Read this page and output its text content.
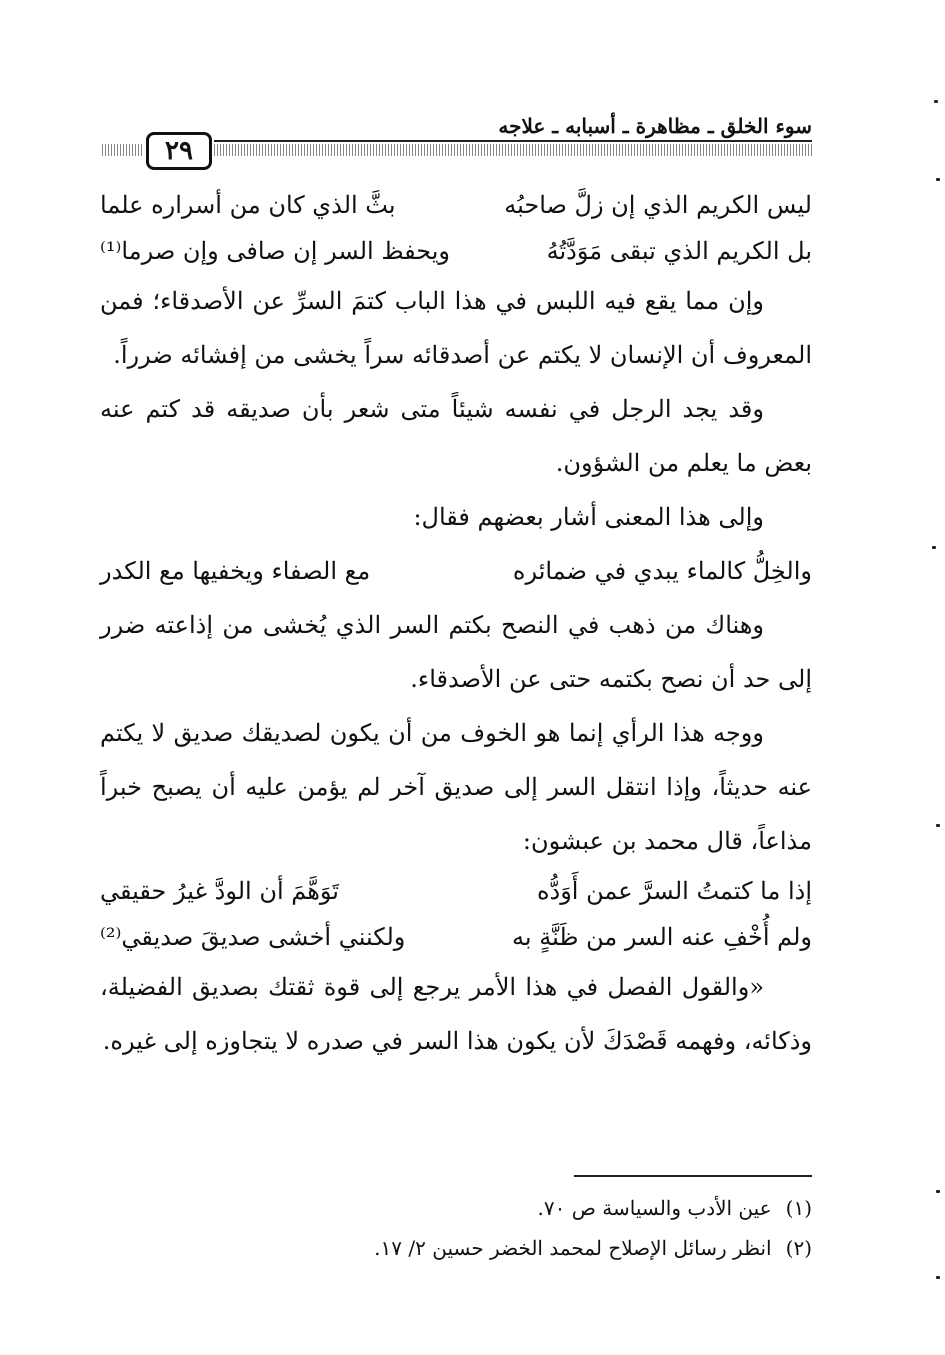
سوء الخلق ـ مظاهرة ـ أسبابه ـ علاجه
٢٩
ليس الكريم الذي إن زلَّ صاحبُه
بثَّ الذي كان من أسراره علما
بل الكريم الذي تبقى مَوَدَّتُهُ
ويحفظ السر إن صافى وإن صرما⁽¹⁾

وإن مما يقع فيه اللبس في هذا الباب كتمَ السرِّ عن الأصدقاء؛ فمن المعروف أن الإنسان لا يكتم عن أصدقائه سراً يخشى من إفشائه ضرراً.

وقد يجد الرجل في نفسه شيئاً متى شعر بأن صديقه قد كتم عنه بعض ما يعلم من الشؤون.

وإلى هذا المعنى أشار بعضهم فقال:

والخِلُّ كالماء يبدي في ضمائره
مع الصفاء ويخفيها مع الكدر

وهناك من ذهب في النصح بكتم السر الذي يُخشى من إذاعته ضرر إلى حد أن نصح بكتمه حتى عن الأصدقاء.

ووجه هذا الرأي إنما هو الخوف من أن يكون لصديقك صديق لا يكتم عنه حديثاً، وإذا انتقل السر إلى صديق آخر لم يؤمن عليه أن يصبح خبراً مذاعاً، قال محمد بن عبشون:

إذا ما كتمتُ السرَّ عمن أَوَدُّه
تَوَهَّمَ أن الودَّ غيرُ حقيقي
ولم أُخْفِ عنه السر من ظَنَّةٍ به
ولكنني أخشى صديقَ صديقي⁽²⁾

«والقول الفصل في هذا الأمر يرجع إلى قوة ثقتك بصديق الفضيلة، وذكائه، وفهمه قَصْدَكَ لأن يكون هذا السر في صدره لا يتجاوزه إلى غيره.

(١)عين الأدب والسياسة ص ٧٠.
(٢)انظر رسائل الإصلاح لمحمد الخضر حسين ٢/ ١٧.
